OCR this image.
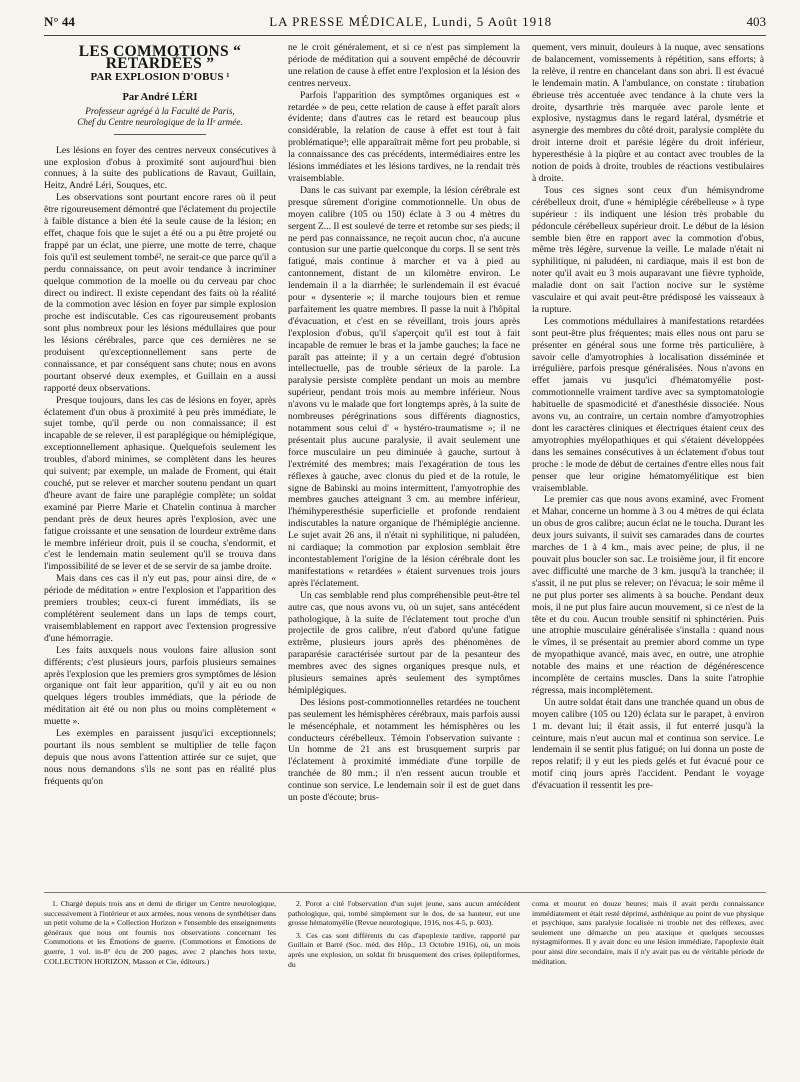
N° 44	LA PRESSE MÉDICALE, Lundi, 5 Août 1918	403
LES COMMOTIONS “ RETARDÉES ”
PAR EXPLOSION D'OBUS ¹
Par André LÉRI
Professeur agrégé à la Faculté de Paris,
Chef du Centre neurologique de la IIᵉ armée.

Les lésions en foyer des centres nerveux consécutives à une explosion d'obus à proximité sont aujourd'hui bien connues, à la suite des publications de Ravaut, Guillain, Heitz, André Léri, Souques, etc.

Les observations sont pourtant encore rares où il peut être rigoureusement démontré que l'éclatement du projectile à faible distance a bien été la seule cause de la lésion; en effet, chaque fois que le sujet a été ou a pu être projeté ou frappé par un éclat, une pierre, une motte de terre, chaque fois qu'il est seulement tombé², ne serait-ce que parce qu'il a perdu connaissance, on peut avoir tendance à incriminer quelque commotion de la moelle ou du cerveau par choc direct ou indirect. Il existe cependant des faits où la réalité de la commotion avec lésion en foyer par simple explosion proche est indiscutable. Ces cas rigoureusement probants sont plus nombreux pour les lésions médullaires que pour les lésions cérébrales, parce que ces dernières ne se produisent qu'exceptionnellement sans perte de connaissance, et par conséquent sans chute; nous en avons pourtant observé deux exemples, et Guillain en a aussi rapporté deux observations.

Presque toujours, dans les cas de lésions en foyer, après éclatement d'un obus à proximité à peu près immédiate, le sujet tombe, qu'il perde ou non connaissance; il est incapable de se relever, il est paraplégique ou hémiplégique, exceptionnellement aphasique. Quelquefois seulement les troubles, d'abord minimes, se complètent dans les heures qui suivent; par exemple, un malade de Froment, qui était couché, put se relever et marcher soutenu pendant un quart d'heure avant de faire une paraplégie complète; un soldat examiné par Pierre Marie et Chatelin continua à marcher pendant près de deux heures après l'explosion, avec une fatigue croissante et une sensation de lourdeur extrême dans le membre inférieur droit, puis il se coucha, s'endormit, et c'est le lendemain matin seulement qu'il se trouva dans l'impossibilité de se lever et de se servir de sa jambe droite.

Mais dans ces cas il n'y eut pas, pour ainsi dire, de « période de méditation » entre l'explosion et l'apparition des premiers troubles; ceux-ci furent immédiats, ils se complétèrent seulement dans un laps de temps court, vraisemblablement en rapport avec l'extension progressive d'une hémorragie.

Les faits auxquels nous voulons faire allusion sont différents; c'est plusieurs jours, parfois plusieurs semaines après l'explosion que les premiers gros symptômes de lésion organique ont fait leur apparition, qu'il y ait eu ou non quelques légers troubles immédiats, que la période de méditation ait été ou non plus ou moins complètement « muette ».

Les exemples en paraissent jusqu'ici exceptionnels; pourtant ils nous semblent se multiplier de telle façon depuis que nous avons l'attention attirée sur ce sujet, que nous nous demandons s'ils ne sont pas en réalité plus fréquents qu'on

ne le croit généralement, et si ce n'est pas simplement la période de méditation qui a souvent empêché de découvrir une relation de cause à effet entre l'explosion et la lésion des centres nerveux.

Parfois l'apparition des symptômes organiques est « retardée » de peu, cette relation de cause à effet paraît alors évidente; dans d'autres cas le retard est beaucoup plus considérable, la relation de cause à effet est tout à fait problématique³; elle apparaîtrait même fort peu probable, si la connaissance des cas précédents, intermédiaires entre les lésions immédiates et les lésions tardives, ne la rendait très vraisemblable.

Dans le cas suivant par exemple, la lésion cérébrale est presque sûrement d'origine commotionnelle. Un obus de moyen calibre (105 ou 150) éclate à 3 ou 4 mètres du sergent Z... Il est soulevé de terre et retombe sur ses pieds; il ne perd pas connaissance, ne reçoit aucun choc, n'a aucune contusion sur une partie quelconque du corps. Il se sent très fatigué, mais continue à marcher et va à pied au cantonnement, distant de un kilomètre environ. Le lendemain il a la diarrhée; le surlendemain il est évacué pour « dysenterie »; il marche toujours bien et remue parfaitement les quatre membres. Il passe la nuit à l'hôpital d'évacuation, et c'est en se réveillant, trois jours après l'explosion d'obus, qu'il s'aperçoit qu'il est tout à fait incapable de remuer le bras et la jambe gauches; la face ne paraît pas atteinte; il y a un certain degré d'obtusion intellectuelle, pas de trouble sérieux de la parole. La paralysie persiste complète pendant un mois au membre supérieur, pendant trois mois au membre inférieur. Nous n'avons vu le malade que fort longtemps après, à la suite de nombreuses pérégrinations sous différents diagnostics, notamment sous celui d' « hystéro-traumatisme »; il ne présentait plus aucune paralysie, il avait seulement une force musculaire un peu diminuée à gauche, surtout à l'extrémité des membres; mais l'exagération de tous les réflexes à gauche, avec clonus du pied et de la rotule, le signe de Babinski au moins intermittent, l'amyotrophie des membres gauches atteignant 3 cm. au membre inférieur, l'hémihyperesthésie superficielle et profonde rendaient indiscutables la nature organique de l'hémiplégie ancienne. Le sujet avait 26 ans, il n'était ni syphilitique, ni paludéen, ni cardiaque; la commotion par explosion semblait être incontestablement l'origine de la lésion cérébrale dont les manifestations « retardées » étaient survenues trois jours après l'éclatement.

Un cas semblable rend plus compréhensible peut-être tel autre cas, que nous avons vu, où un sujet, sans antécédent pathologique, à la suite de l'éclatement tout proche d'un projectile de gros calibre, n'eut d'abord qu'une fatigue extrême, plusieurs jours après des phénomènes de paraparésie caractérisée surtout par de la pesanteur des membres avec des signes organiques presque nuls, et plusieurs semaines après seulement des symptômes hémiplégiques.

Des lésions post-commotionnelles retardées ne touchent pas seulement les hémisphères cérébraux, mais parfois aussi le mésencéphale, et notamment les hémisphères ou les conducteurs cérébelleux. Témoin l'observation suivante : Un homme de 21 ans est brusquement surpris par l'éclatement à proximité immédiate d'une torpille de tranchée de 80 mm.; il n'en ressent aucun trouble et continue son service. Le lendemain soir il est de guet dans un poste d'écoute; brus-

quement, vers minuit, douleurs à la nuque, avec sensations de balancement, vomissements à répétition, sans efforts; à la relève, il rentre en chancelant dans son abri. Il est évacué le lendemain matin. A l'ambulance, on constate : titubation ébrieuse très accentuée avec tendance à la chute vers la droite, dysarthrie très marquée avec parole lente et explosive, nystagmus dans le regard latéral, dysmétrie et asynergie des membres du côté droit, paralysie complète du droit interne droit et parésie légère du droit inférieur, hyperesthésie à la piqûre et au contact avec troubles de la notion de poids à droite, troubles de réactions vestibulaires à droite.

Tous ces signes sont ceux d'un hémisyndrome cérébelleux droit, d'une « hémiplégie cérébelleuse » à type supérieur : ils indiquent une lésion très probable du pédoncule cérébelleux supérieur droit. Le début de la lésion semble bien être en rapport avec la commotion d'obus, même très légère, survenue la veille. Le malade n'était ni syphilitique, ni paludéen, ni cardiaque, mais il est bon de noter qu'il avait eu 3 mois auparavant une fièvre typhoïde, maladie dont on sait l'action nocive sur le système vasculaire et qui avait peut-être prédisposé les vaisseaux à la rupture.

Les commotions médullaires à manifestations retardées sont peut-être plus fréquentes; mais elles nous ont paru se présenter en général sous une forme très particulière, à savoir celle d'amyotrophies à localisation disséminée et irrégulière, parfois presque généralisées. Nous n'avons en effet jamais vu jusqu'ici d'hématomyélie post-commotionnelle vraiment tardive avec sa symptomatologie habituelle de spasmodicité et d'anesthésie dissociée. Nous avons vu, au contraire, un certain nombre d'amyotrophies dont les caractères cliniques et électriques étaient ceux des amyotrophies myélopathiques et qui s'étaient développées dans les semaines consécutives à un éclatement d'obus tout proche : le mode de début de certaines d'entre elles nous fait penser que leur origine hématomyélitique est bien vraisemblable.

Le premier cas que nous avons examiné, avec Froment et Mahar, concerne un homme à 3 ou 4 mètres de qui éclata un obus de gros calibre; aucun éclat ne le toucha. Durant les deux jours suivants, il suivit ses camarades dans de courtes marches de 1 à 4 km., mais avec peine; de plus, il ne pouvait plus boucler son sac. Le troisième jour, il fit encore avec difficulté une marche de 3 km. jusqu'à la tranchée; il s'assit, il ne put plus se relever; on l'évacua; le soir même il ne put plus porter ses aliments à sa bouche. Pendant deux mois, il ne put plus faire aucun mouvement, si ce n'est de la tête et du cou. Aucun trouble sensitif ni sphinctérien. Puis une atrophie musculaire généralisée s'installa : quand nous le vîmes, il se présentait au premier abord comme un type de myopathique avancé, mais avec, en outre, une atrophie notable des mains et une réaction de dégénérescence incomplète de certains muscles. Dans la suite l'atrophie régressa, mais incomplètement.

Un autre soldat était dans une tranchée quand un obus de moyen calibre (105 ou 120) éclata sur le parapet, à environ 1 m. devant lui; il était assis, il fut enterré jusqu'à la ceinture, mais n'eut aucun mal et continua son service. Le lendemain il se sentit plus fatigué; on lui donna un poste de repos relatif; il y eut les pieds gelés et fut évacué pour ce motif cinq jours après l'accident. Pendant le voyage d'évacuation il ressentit les pre-

1. Chargé depuis trois ans et demi de diriger un Centre neurologique, successivement à l'intérieur et aux armées, nous venons de synthétiser dans un petit volume de la « Collection Horizon » l'ensemble des enseignements généraux que nous ont fournis nos observations concernant les Commotions et les Émotions de guerre. (Commotions et Émotions de guerre, 1 vol. in-8° écu de 200 pages, avec 2 planches hors texte, COLLECTION HORIZON, Masson et Cie, éditeurs.)

2. Porot a cité l'observation d'un sujet jeune, sans aucun antécédent pathologique, qui, tombé simplement sur le dos, de sa hauteur, eut une grosse hématomyélie (Revue neurologique, 1916, nos 4-5, p. 603).

3. Ces cas sont différents du cas d'apoplexie tardive, rapporté par Guillain et Barré (Soc. méd. des Hôp., 13 Octobre 1916), où, un mois après une explosion, un soldat fit brusquement des crises épileptiformes, du

coma et mourut en douze heures; mais il avait perdu connaissance immédiatement et était resté déprimé, asthénique au point de vue physique et psychique, sans paralysie localisée ni trouble net des réflexes, avec seulement une démarche un peu ataxique et quelques secousses nystagmiformes. Il y avait donc eu une lésion immédiate, l'apoplexie était pour ainsi dire secondaire, mais il n'y avait pas eu de véritable période de méditation.
